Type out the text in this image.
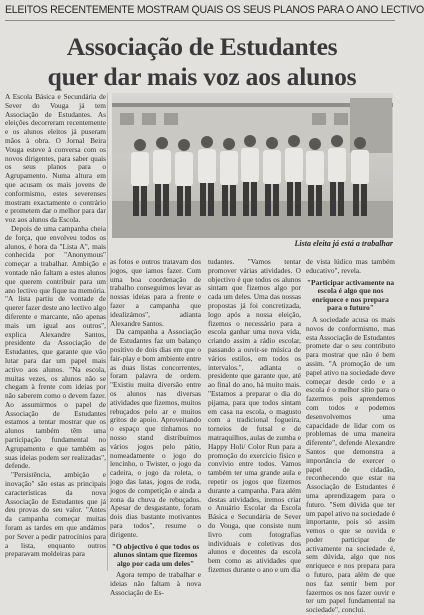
ELEITOS RECENTEMENTE MOSTRAM QUAIS OS SEUS PLANOS PARA O ANO LECTIVO
Associação de Estudantes
quer dar mais voz aos alunos

A Escola Básica e Secundária de Sever do Vouga já tem Associação de Estudantes. As eleições decorreram recentemente e os alunos eleitos já puseram mãos à obra. O Jornal Beira Vouga esteve à conversa com os novos dirigentes, para saber quais os seus planos para o Agrupamento. Numa altura em que acusam os mais jovens de conformismo, estes severenses mostram exactamente o contrário e prometem dar o melhor para dar voz aos alunos da Escola.

Depois de uma campanha cheia de força, que envolveu todos os alunos, é hora da "Lista A", mais conhecida por "Anonymous" começar a trabalhar. Ambição e vontade não faltam a estes alunos que querem contribuir para um ano lectivo que fique na memória. "A lista partiu de vontade de querer fazer deste ano lectivo algo diferente e marcante, não apenas mais um igual aos outros", explica Alexandre Santos, presidente da Associação de Estudantes, que garante que vão lutar para dar um papel mais activo aos alunos. "Na escola, muitas vezes, os alunos não se chegam à frente com ideias por não saberem como o devem fazer. Ao assumirmos o papel de Associação de Estudantes estamos a tentar mostrar que os alunos também têm uma participação fundamental no Agrupamento e que também as suas ideias podem ser realizadas", defende.

"Persistência, ambição e inovação" são estas as principais características da nova Associação de Estudantes que já deu provas do seu valor. "Antes da campanha começar muitas foram as tardes em que andámos por Sever a pedir patrocínios para a lista, enquanto outros preparavam moldeiras para

Lista eleita já está a trabalhar

as fotos e outros tratavam dos jogos, que iamos fazer. Com uma boa coordenação de trabalho conseguimos levar as nossas ideias para a frente e fazer a campanha que idealizámos", adianta Alexandre Santos.

Da campanha a Associação de Estudantes faz um balanço positivo de dois dias em que o fair-play e bom ambiente entre as duas listas concorrentes, foram palavra de ordem. "Existiu muita diversão entre os alunos nas diversas atividades que fizemos, muitos rebuçados pelo ar e muitos gritos de apoio. Aproveitando o espaço que tínhamos no nosso stand distribuímos vários jogos pelo pátio, nomeadamente o jogo do lencinho, o Twister, o jogo da cadeira, o jogo da roleta, o jogo das latas, jogos de roda, jogos de competição e ainda a zona da chuva de rebuçados. Apesar de desgastante, foram dois dias bastante motivantes para todos", resume o dirigente.

"O objectivo é que todos os alunos sintam que fizemos algo por cada um deles"

Agora tempo de trabalhar e ideias não faltam à nova Associação de Es-

tudantes. "Vamos tentar promover várias atividades. O objectivo é que todos os alunos sintam que fizemos algo por cada um deles. Uma das nossas propostas já foi concretizada, logo após a nossa eleição, fizemos o necessário para a escola ganhar uma nova vida, criando assim a rádio escolar, passando a ouvir-se música de vários estilos, em todos os intervalos.", adianta o presidente que garante que, até ao final do ano, há muito mais. "Estamos a preparar o dia do pijama, para que todos sintam em casa na escola, o magusto com a tradicional fogueira, torneios de futsal e de matraquilhos, aulas de zumba e Happy Holi/ Color Run para a promoção do exercício físico e convívio entre todos. Vamos também ter uma grande aula e repetir os jogos que fizemos durante a campanha. Para além destas atividades, iremos criar o Anuário Escolar da Escola Básica e Secundária de Sever do Vouga, que consiste num livro com fotografias individuais e coletivas dos alunos e docentes da escola bem como as atividades que fizemos durante o ano e um dia

de vista lúdico mas também educativo", revela.

"Participar activamente na escola é algo que nos enriquece e nos prepara para o futuro"

A sociedade acusa os mais novos de conformismo, mas esta Associação de Estudantes promete dar o seu contributo para mostrar que não é bem assim. "A promoção de um papel ativo na sociedade deve começar desde cedo e a escola é o melhor sítio para o fazermos pois aprendemos com todos e podemos desenvolvemos uma capacidade de lidar com os problemas de uma maneira diferente", defende Alexandre Santos que demonstra a importância de exercer o papel de cidadão, reconhecendo que estar na Associação de Estudantes é uma aprendizagem para o futuro. "Sem dúvida que ter um papel ativo na sociedade é importante, pois só assim vemos o que se ouvida e poder participar de activamente na sociedade é, sem dúvida, algo que nos enriquece e nos prepara para o futuro, para além de que nos faz sentir bem por fazermos os nos fazer ouvir e ter um papel fundamental na sociedade", conclui.
